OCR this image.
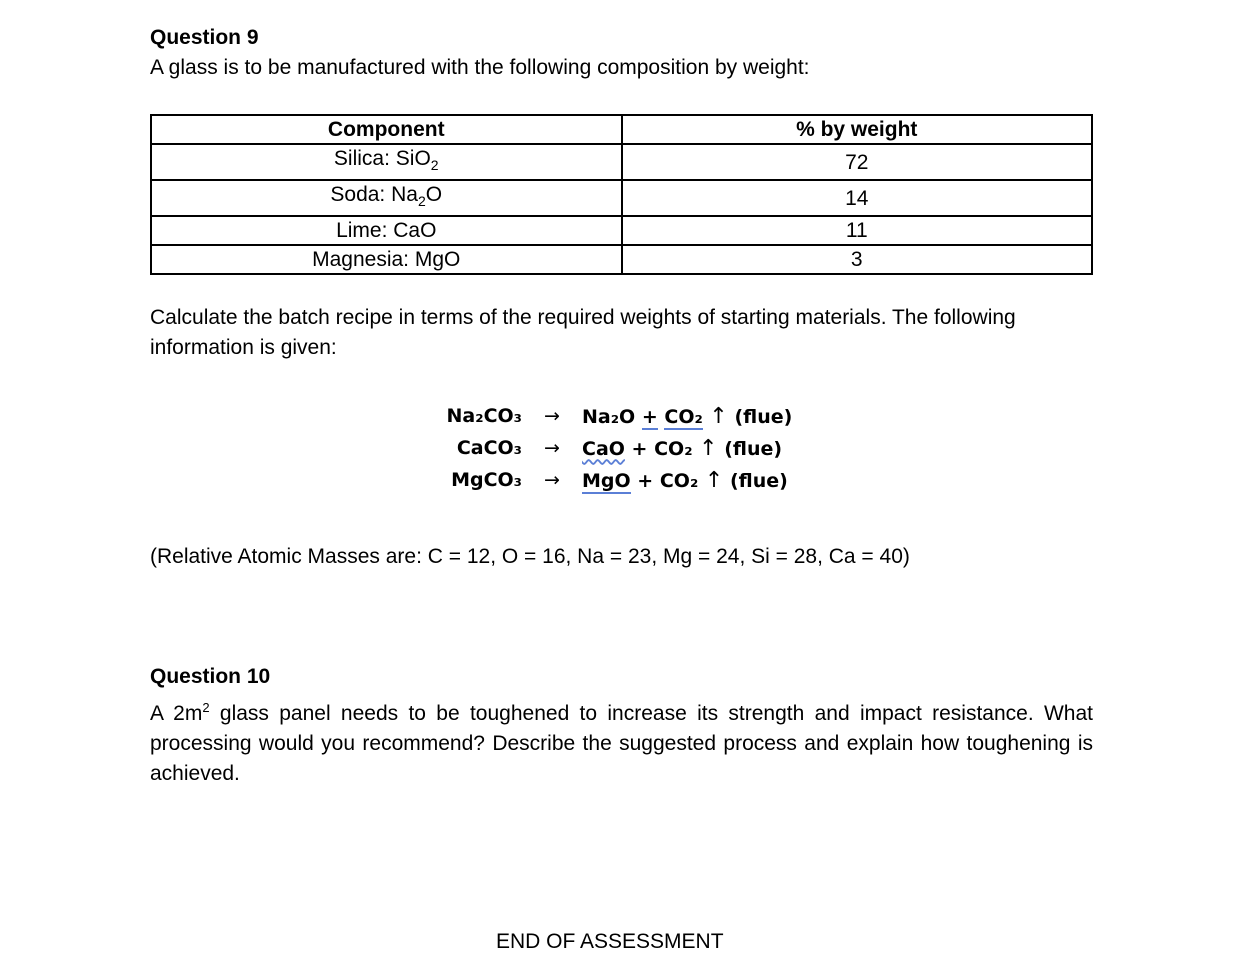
Question 9

A glass is to be manufactured with the following composition by weight:

Component	% by weight
Silica: SiO$_2$	72
Soda: $Na_2O$	14
Lime: CaO	11
Magnesia: MgO	3

Calculate the batch recipe in terms of the required weights of starting materials. The following information is given:

Na₂CO₃	→	Na₂O + CO₂ ↑ (flue)
CaCO₃	→	CaO + CO₂ ↑ (flue)
MgCO₃	→	MgO + CO₂ ↑ (flue)

(Relative Atomic Masses are: C = 12, O = 16, Na = 23, Mg = 24, Si = 28, Ca = 40)

Question 10

A $2m^2$ glass panel needs to be toughened to increase its strength and impact resistance. What processing would you recommend? Describe the suggested process and explain how toughening is achieved.

END OF ASSESSMENT
